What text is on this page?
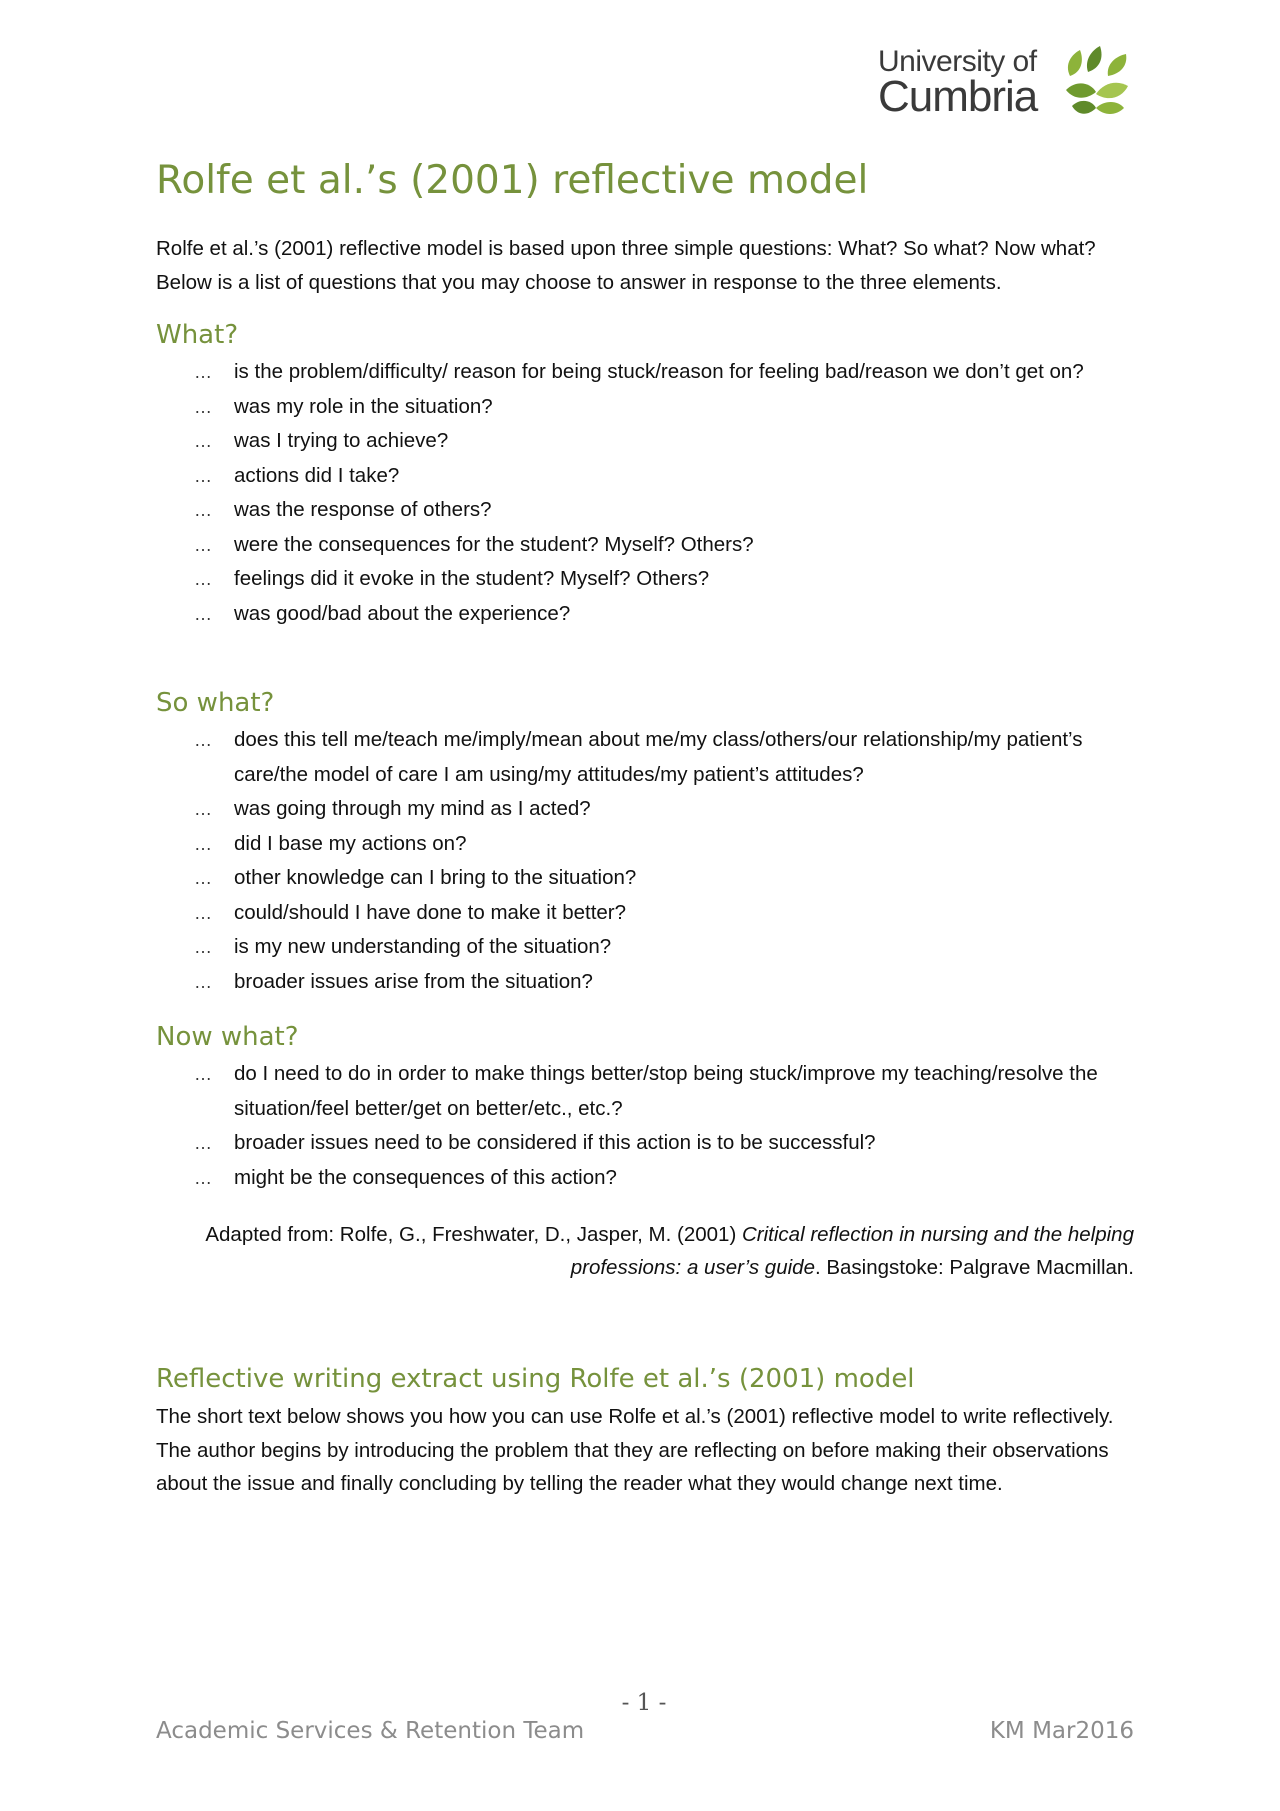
University of
Cumbria
Rolfe et al.’s (2001) reflective model

Rolfe et al.’s (2001) reflective model is based upon three simple questions: What? So what? Now what? Below is a list of questions that you may choose to answer in response to the three elements.

What?
… is the problem/difficulty/ reason for being stuck/reason for feeling bad/reason we don’t get on?
… was my role in the situation?
… was I trying to achieve?
… actions did I take?
… was the response of others?
… were the consequences for the student? Myself? Others?
… feelings did it evoke in the student? Myself? Others?
… was good/bad about the experience?
So what?
… does this tell me/teach me/imply/mean about me/my class/others/our relationship/my patient’s care/the model of care I am using/my attitudes/my patient’s attitudes?
… was going through my mind as I acted?
… did I base my actions on?
… other knowledge can I bring to the situation?
… could/should I have done to make it better?
… is my new understanding of the situation?
… broader issues arise from the situation?
Now what?
… do I need to do in order to make things better/stop being stuck/improve my teaching/resolve the situation/feel better/get on better/etc., etc.?
… broader issues need to be considered if this action is to be successful?
… might be the consequences of this action?

Adapted from: Rolfe, G., Freshwater, D., Jasper, M. (2001) Critical reflection in nursing and the helping professions: a user’s guide. Basingstoke: Palgrave Macmillan.

Reflective writing extract using Rolfe et al.’s (2001) model

The short text below shows you how you can use Rolfe et al.’s (2001) reflective model to write reflectively. The author begins by introducing the problem that they are reflecting on before making their observations about the issue and finally concluding by telling the reader what they would change next time.

- 1 -
Academic Services & Retention Team	KM Mar2016
